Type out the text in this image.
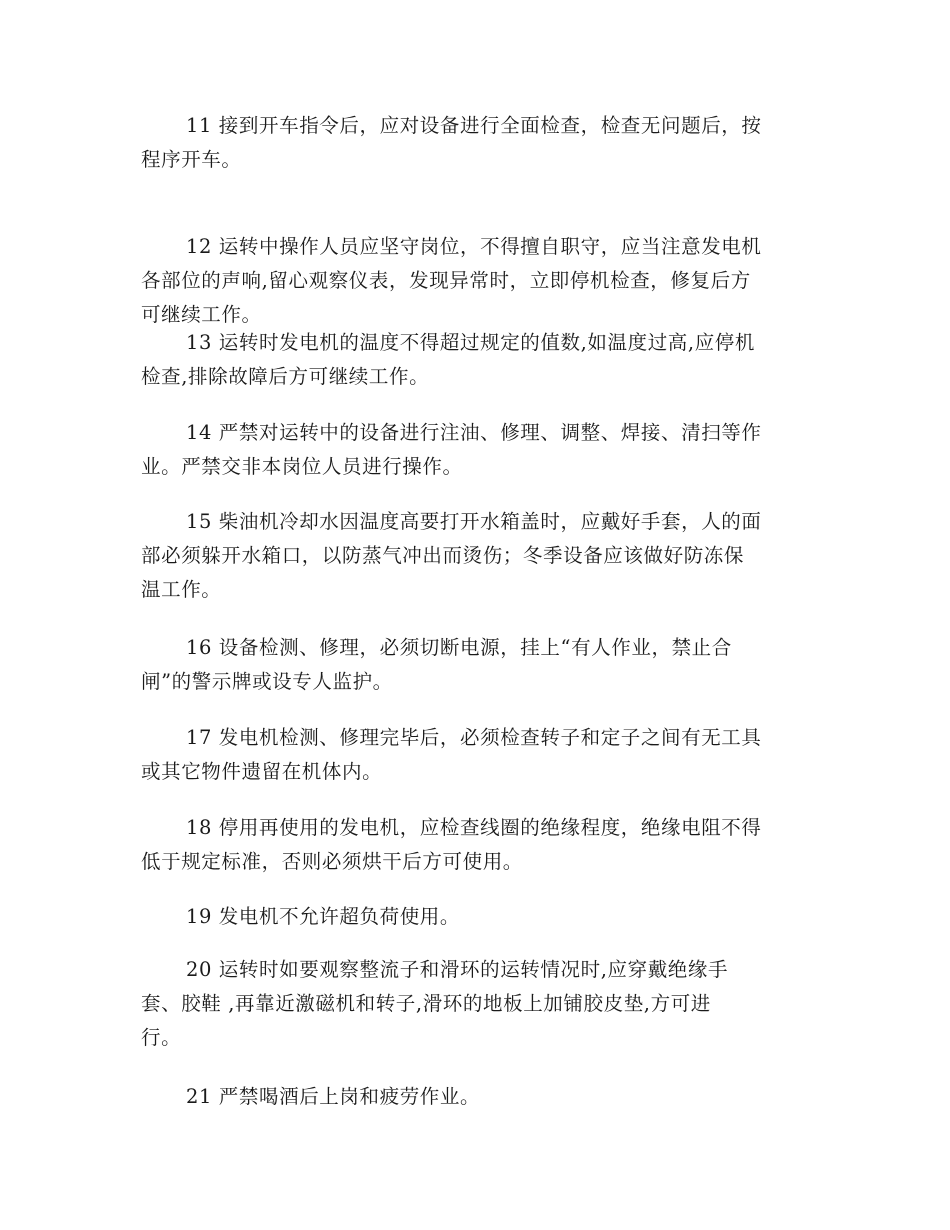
11 接到开车指令后，应对设备进行全面检查，检查无问题后，按
程序开车。
12 运转中操作人员应坚守岗位，不得擅自职守，应当注意发电机
各部位的声响,留心观察仪表，发现异常时，立即停机检查，修复后方
可继续工作。
13 运转时发电机的温度不得超过规定的值数,如温度过高,应停机
检查,排除故障后方可继续工作。
14 严禁对运转中的设备进行注油、修理、调整、焊接、清扫等作
业。严禁交非本岗位人员进行操作。
15 柴油机冷却水因温度高要打开水箱盖时，应戴好手套，人的面
部必须躲开水箱口，以防蒸气冲出而烫伤；冬季设备应该做好防冻保
温工作。
16 设备检测、修理，必须切断电源，挂上“有人作业，禁止合
闸”的警示牌或设专人监护。
17 发电机检测、修理完毕后，必须检查转子和定子之间有无工具
或其它物件遗留在机体内。
18 停用再使用的发电机，应检查线圈的绝缘程度，绝缘电阻不得
低于规定标准，否则必须烘干后方可使用。
19 发电机不允许超负荷使用。
20 运转时如要观察整流子和滑环的运转情况时,应穿戴绝缘手
套、胶鞋 ,再靠近激磁机和转子,滑环的地板上加铺胶皮垫,方可进
行。
21 严禁喝酒后上岗和疲劳作业。
